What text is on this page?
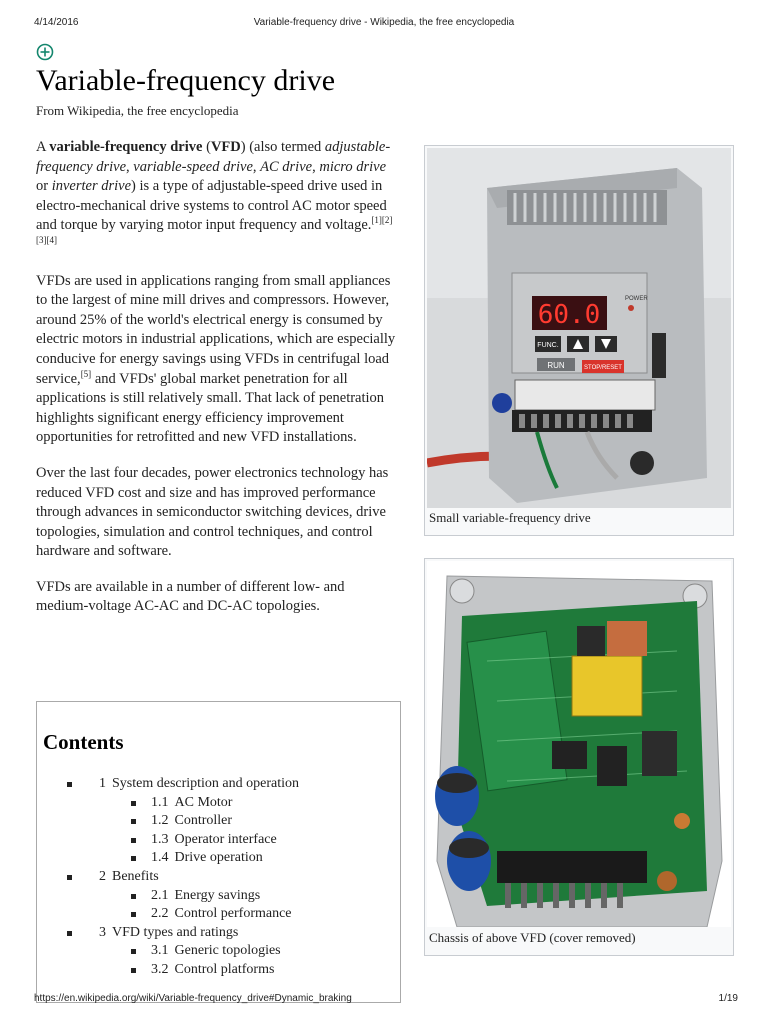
4/14/2016	Variable-frequency drive - Wikipedia, the free encyclopedia
Variable-frequency drive
From Wikipedia, the free encyclopedia

A variable-frequency drive (VFD) (also termed adjustable-frequency drive, variable-speed drive, AC drive, micro drive or inverter drive) is a type of adjustable-speed drive used in electro-mechanical drive systems to control AC motor speed and torque by varying motor input frequency and voltage.[1][2][3][4]

VFDs are used in applications ranging from small appliances to the largest of mine mill drives and compressors. However, around 25% of the world's electrical energy is consumed by electric motors in industrial applications, which are especially conducive for energy savings using VFDs in centrifugal load service,[5] and VFDs' global market penetration for all applications is still relatively small. That lack of penetration highlights significant energy efficiency improvement opportunities for retrofitted and new VFD installations.

Over the last four decades, power electronics technology has reduced VFD cost and size and has improved performance through advances in semiconductor switching devices, drive topologies, simulation and control techniques, and control hardware and software.

VFDs are available in a number of different low- and medium-voltage AC-AC and DC-AC topologies.

Contents
1 System description and operation
1.1 AC Motor
1.2 Controller
1.3 Operator interface
1.4 Drive operation
2 Benefits
2.1 Energy savings
2.2 Control performance
3 VFD types and ratings
3.1 Generic topologies
3.2 Control platforms
60.0
POWER
FUNC.
RUN	STOP/RESET
Small variable-frequency drive
Chassis of above VFD (cover removed)
https://en.wikipedia.org/wiki/Variable-frequency_drive#Dynamic_braking	1/19
